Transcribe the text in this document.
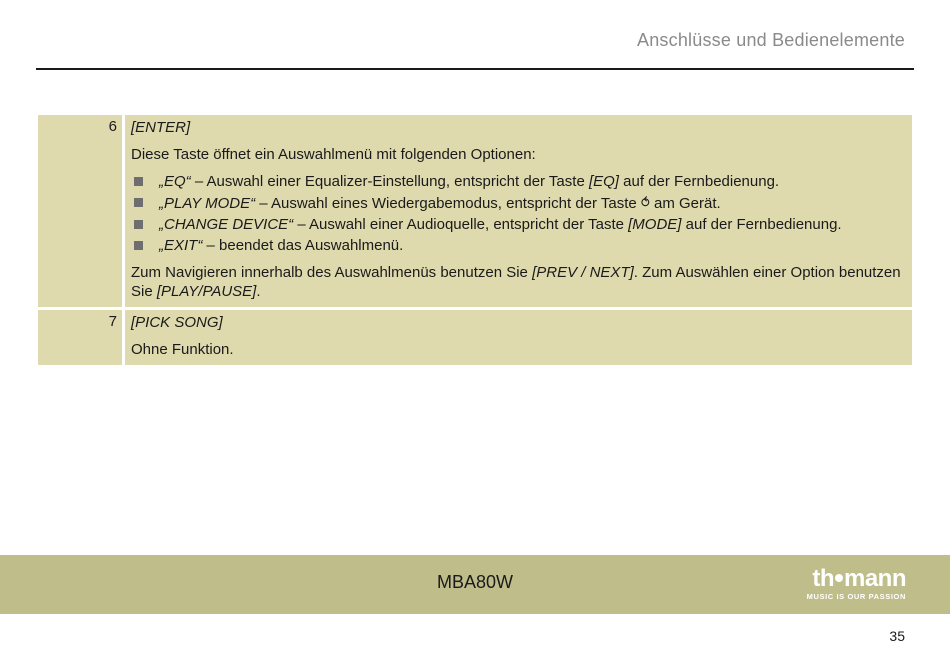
Anschlüsse und Bedienelemente
6 [ENTER]

Diese Taste öffnet ein Auswahlmenü mit folgenden Optionen:

„EQ“ – Auswahl einer Equalizer-Einstellung, entspricht der Taste [EQ] auf der Fernbedienung.
„PLAY MODE“ – Auswahl eines Wiedergabemodus, entspricht der Taste ⥀ am Gerät.
„CHANGE DEVICE“ – Auswahl einer Audioquelle, entspricht der Taste [MODE] auf der Fernbedienung.
„EXIT“ – beendet das Auswahlmenü.

Zum Navigieren innerhalb des Auswahlmenüs benutzen Sie [PREV / NEXT]. Zum Auswählen einer Option benutzen Sie [PLAY/PAUSE].

7 [PICK SONG]

Ohne Funktion.

MBA80W	th mann
MUSIC IS OUR PASSION
35
